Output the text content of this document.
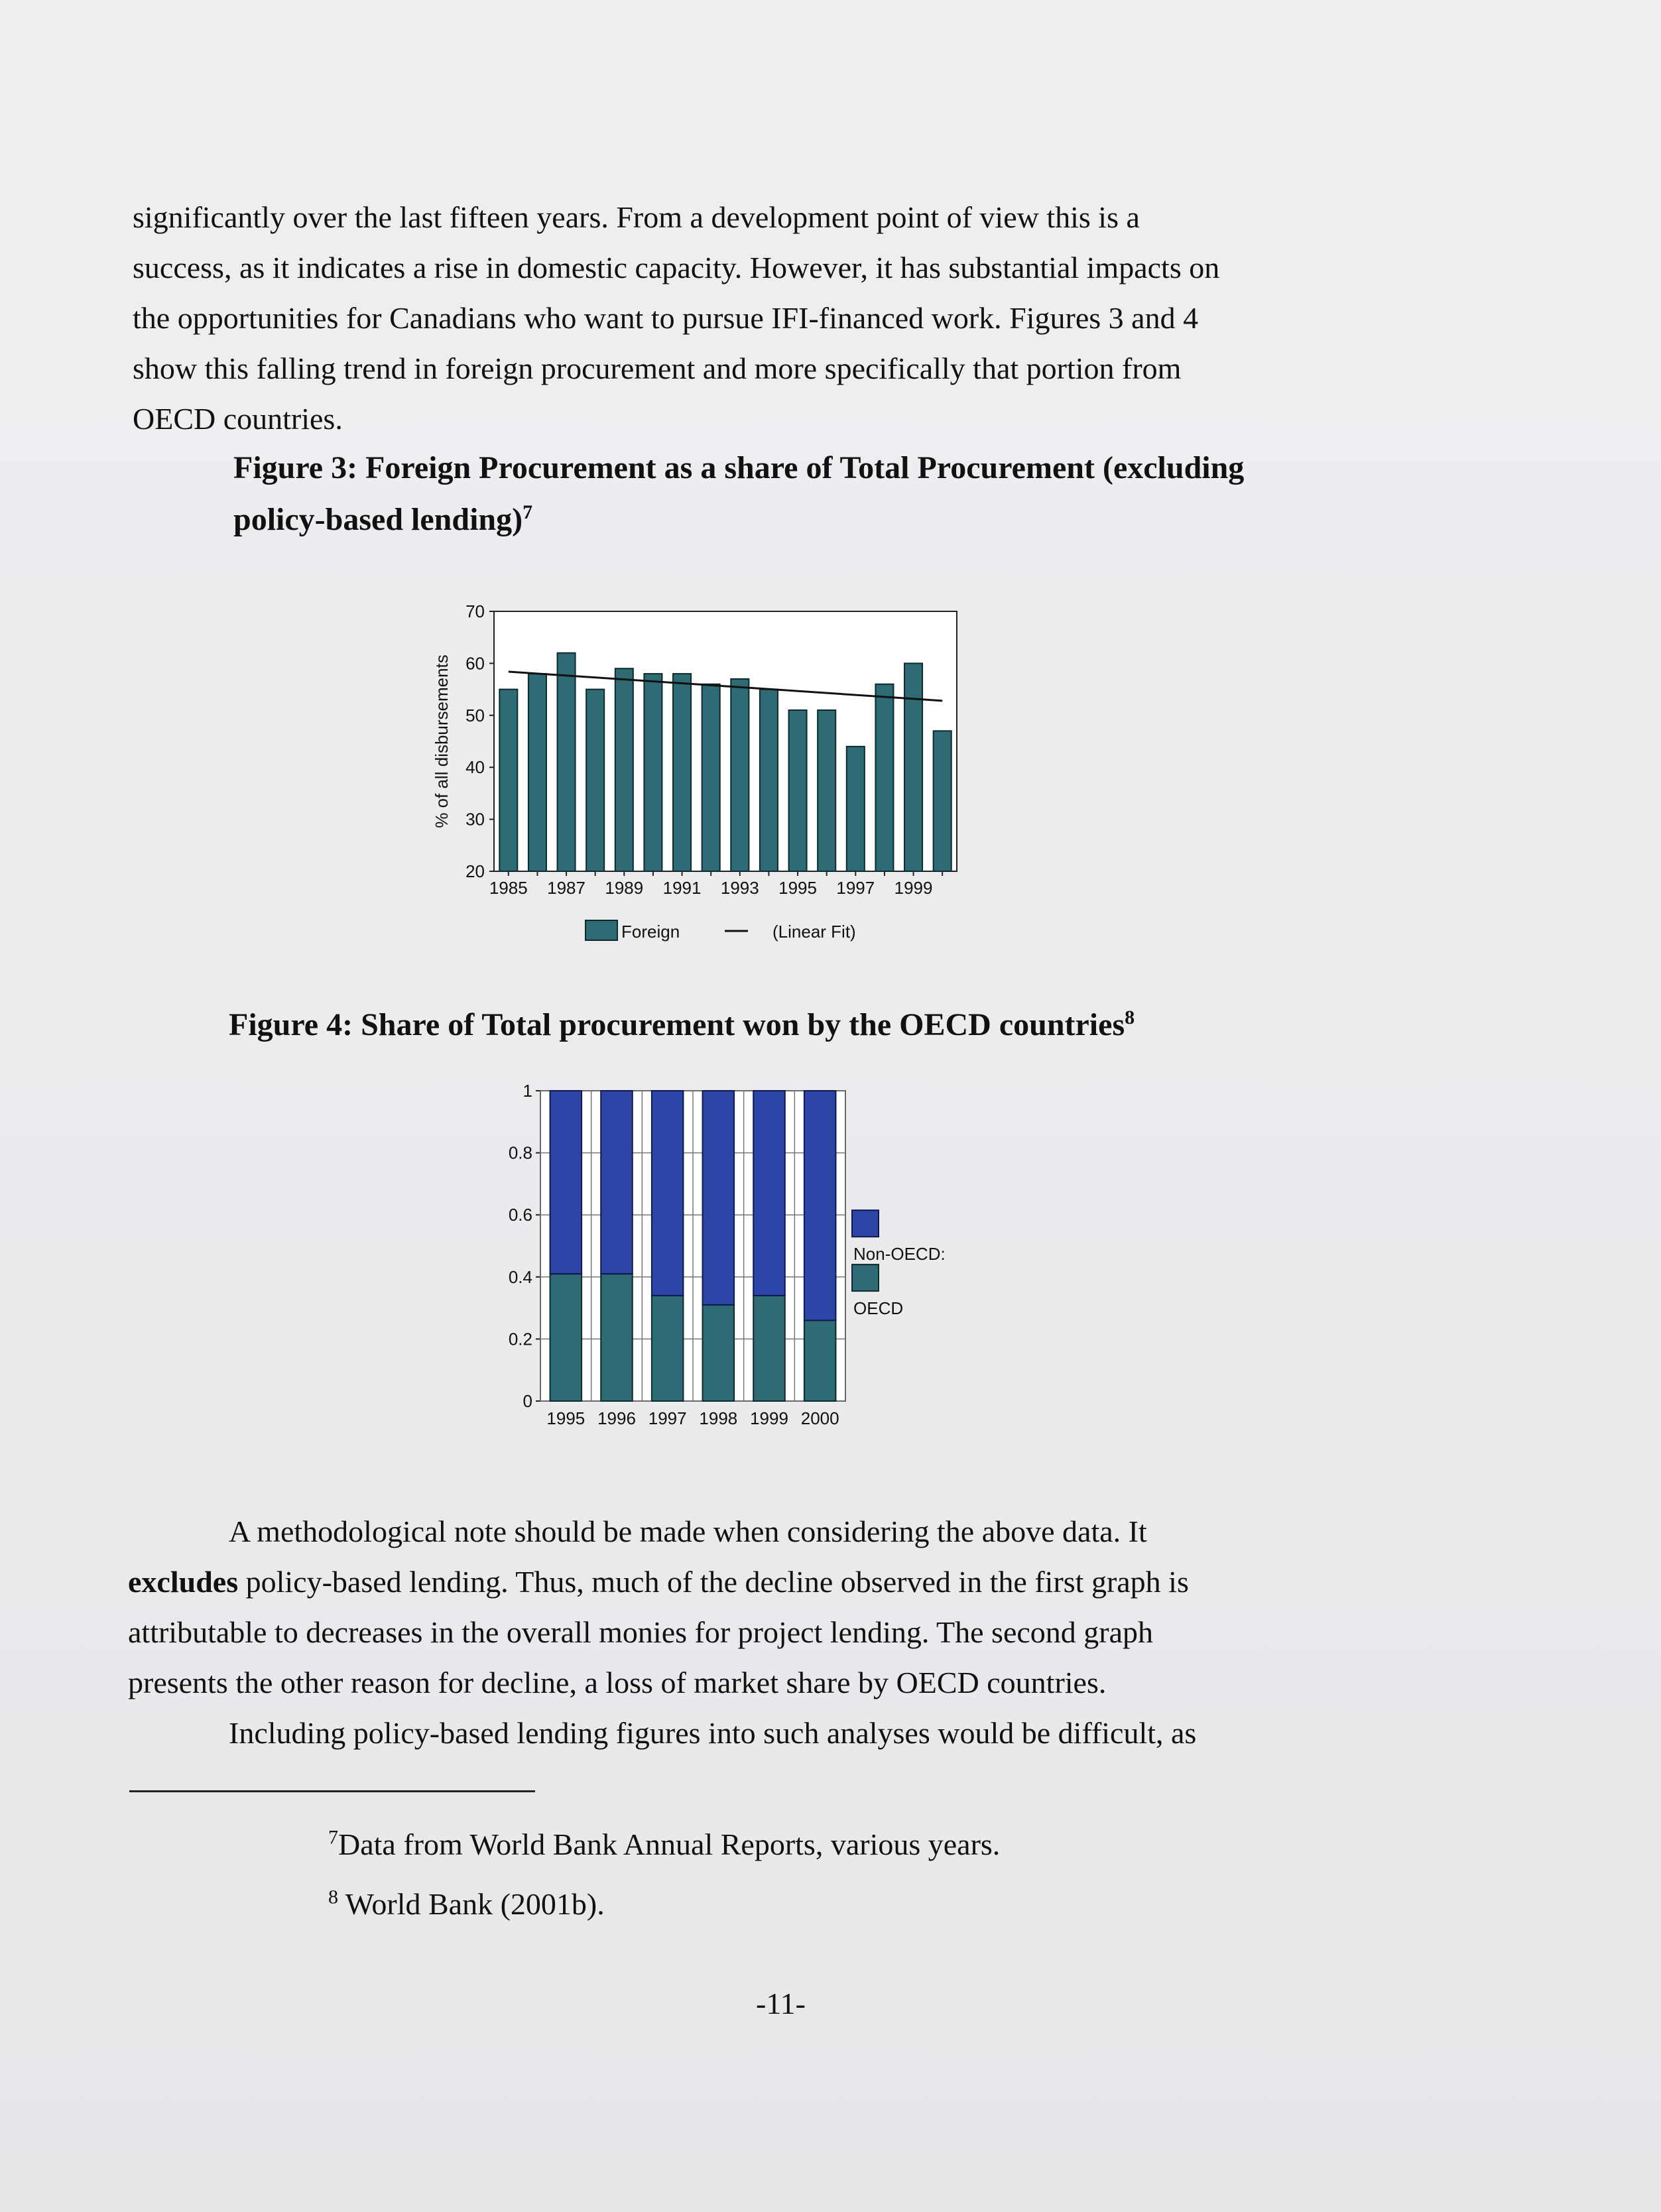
significantly over the last fifteen years. From a development point of view this is a

success, as it indicates a rise in domestic capacity. However, it has substantial impacts on

the opportunities for Canadians who want to pursue IFI-financed work. Figures 3 and 4

show this falling trend in foreign procurement and more specifically that portion from

OECD countries.

Figure 3: Foreign Procurement as a share of Total Procurement (excluding

policy-based lending)$^7$

20
30
40
50
60
70
% of all disbursements
1985 1987 1989 1991 1993 1995 1997 1999
Foreign	(Linear Fit)

Figure 4: Share of Total procurement won by the OECD countries$^8$

0
0.2
0.4
0.6
0.8
1
1995 1996 1997 1998 1999 2000
Non-OECD:
OECD

A methodological note should be made when considering the above data. It

excludes policy-based lending. Thus, much of the decline observed in the first graph is

attributable to decreases in the overall monies for project lending. The second graph

presents the other reason for decline, a loss of market share by OECD countries.

Including policy-based lending figures into such analyses would be difficult, as

$^7$Data from World Bank Annual Reports, various years.

$^8$ World Bank (2001b).

-11-
